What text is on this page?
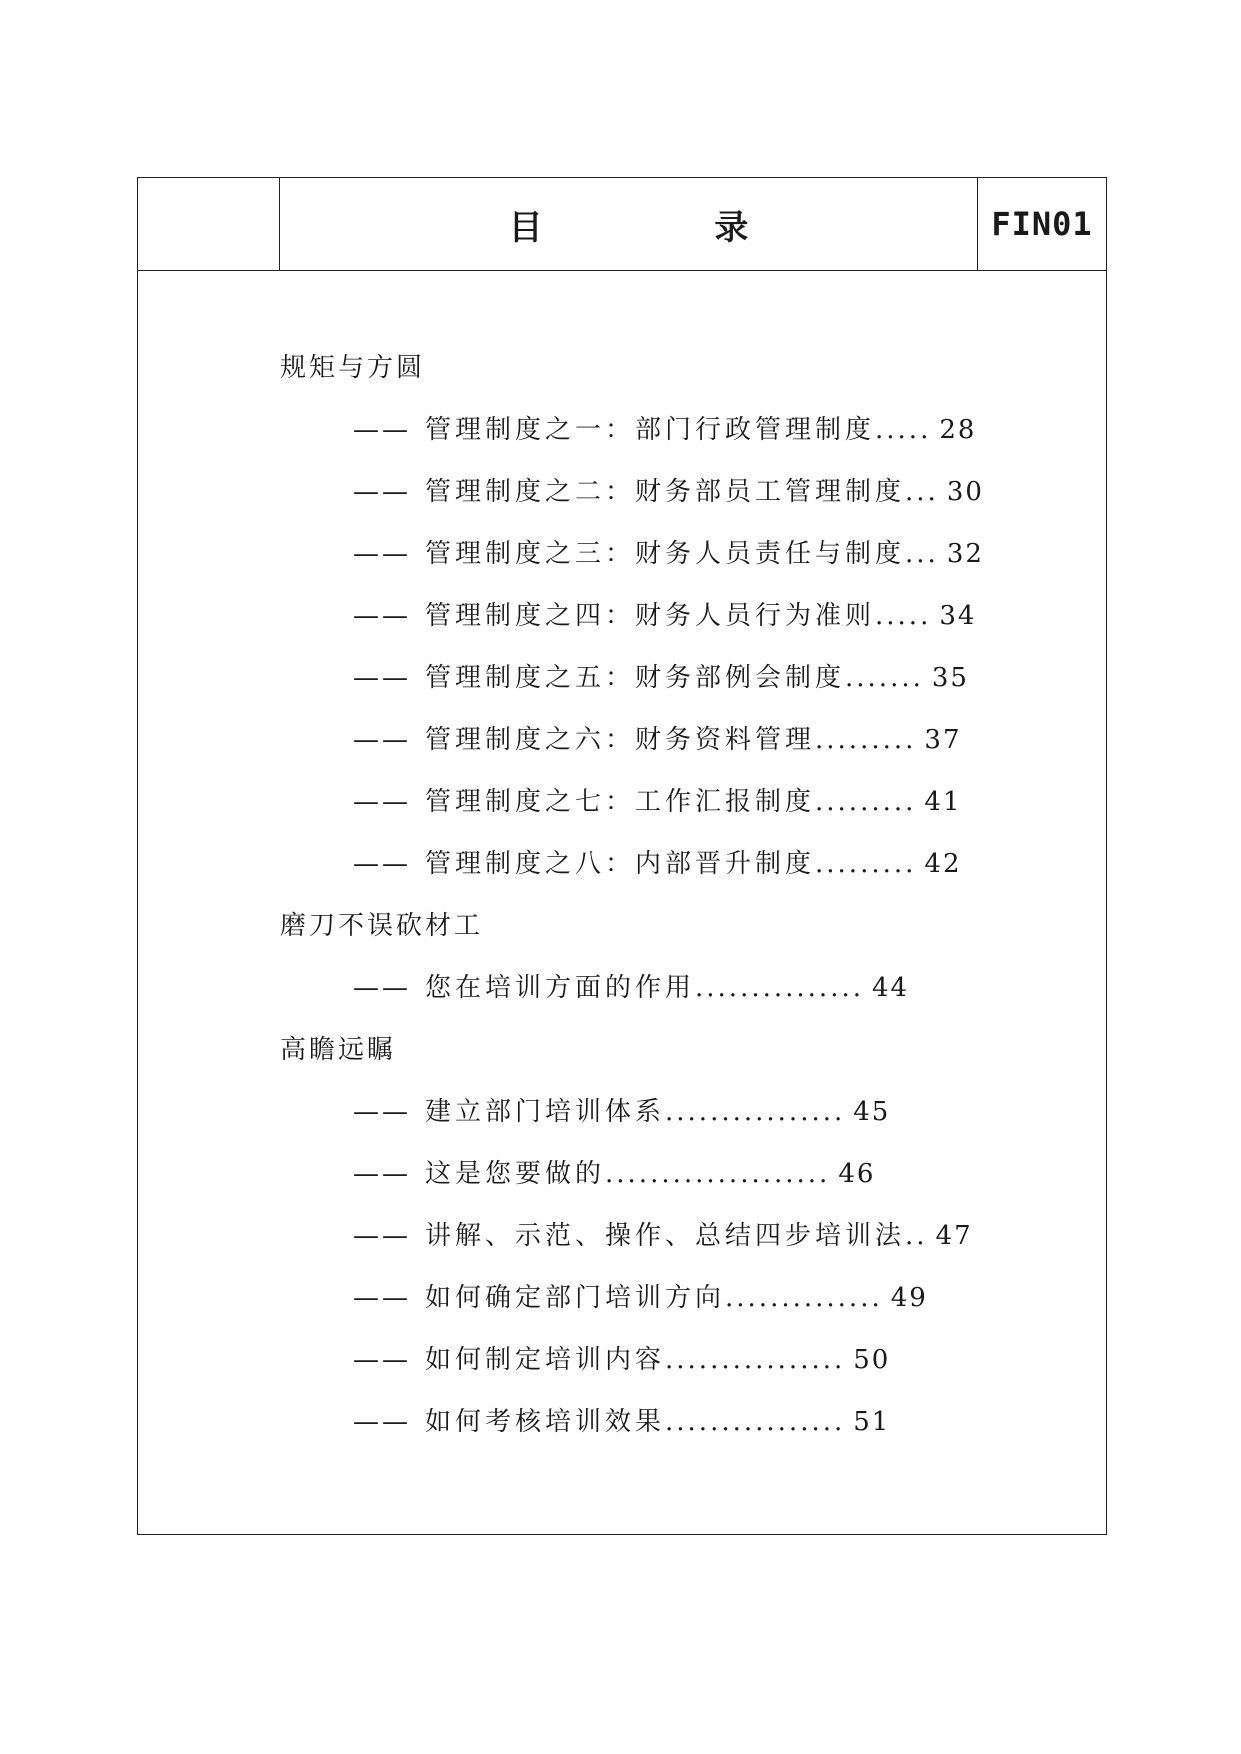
目 录	FIN01
规矩与方圆
—— 管理制度之一：部门行政管理制度..... 28
—— 管理制度之二：财务部员工管理制度... 30
—— 管理制度之三：财务人员责任与制度... 32
—— 管理制度之四：财务人员行为准则..... 34
—— 管理制度之五：财务部例会制度....... 35
—— 管理制度之六：财务资料管理......... 37
—— 管理制度之七：工作汇报制度......... 41
—— 管理制度之八：内部晋升制度......... 42
磨刀不误砍材工
—— 您在培训方面的作用............... 44
高瞻远瞩
—— 建立部门培训体系................ 45
—— 这是您要做的.................... 46
—— 讲解、示范、操作、总结四步培训法.. 47
—— 如何确定部门培训方向.............. 49
—— 如何制定培训内容................ 50
—— 如何考核培训效果................ 51
